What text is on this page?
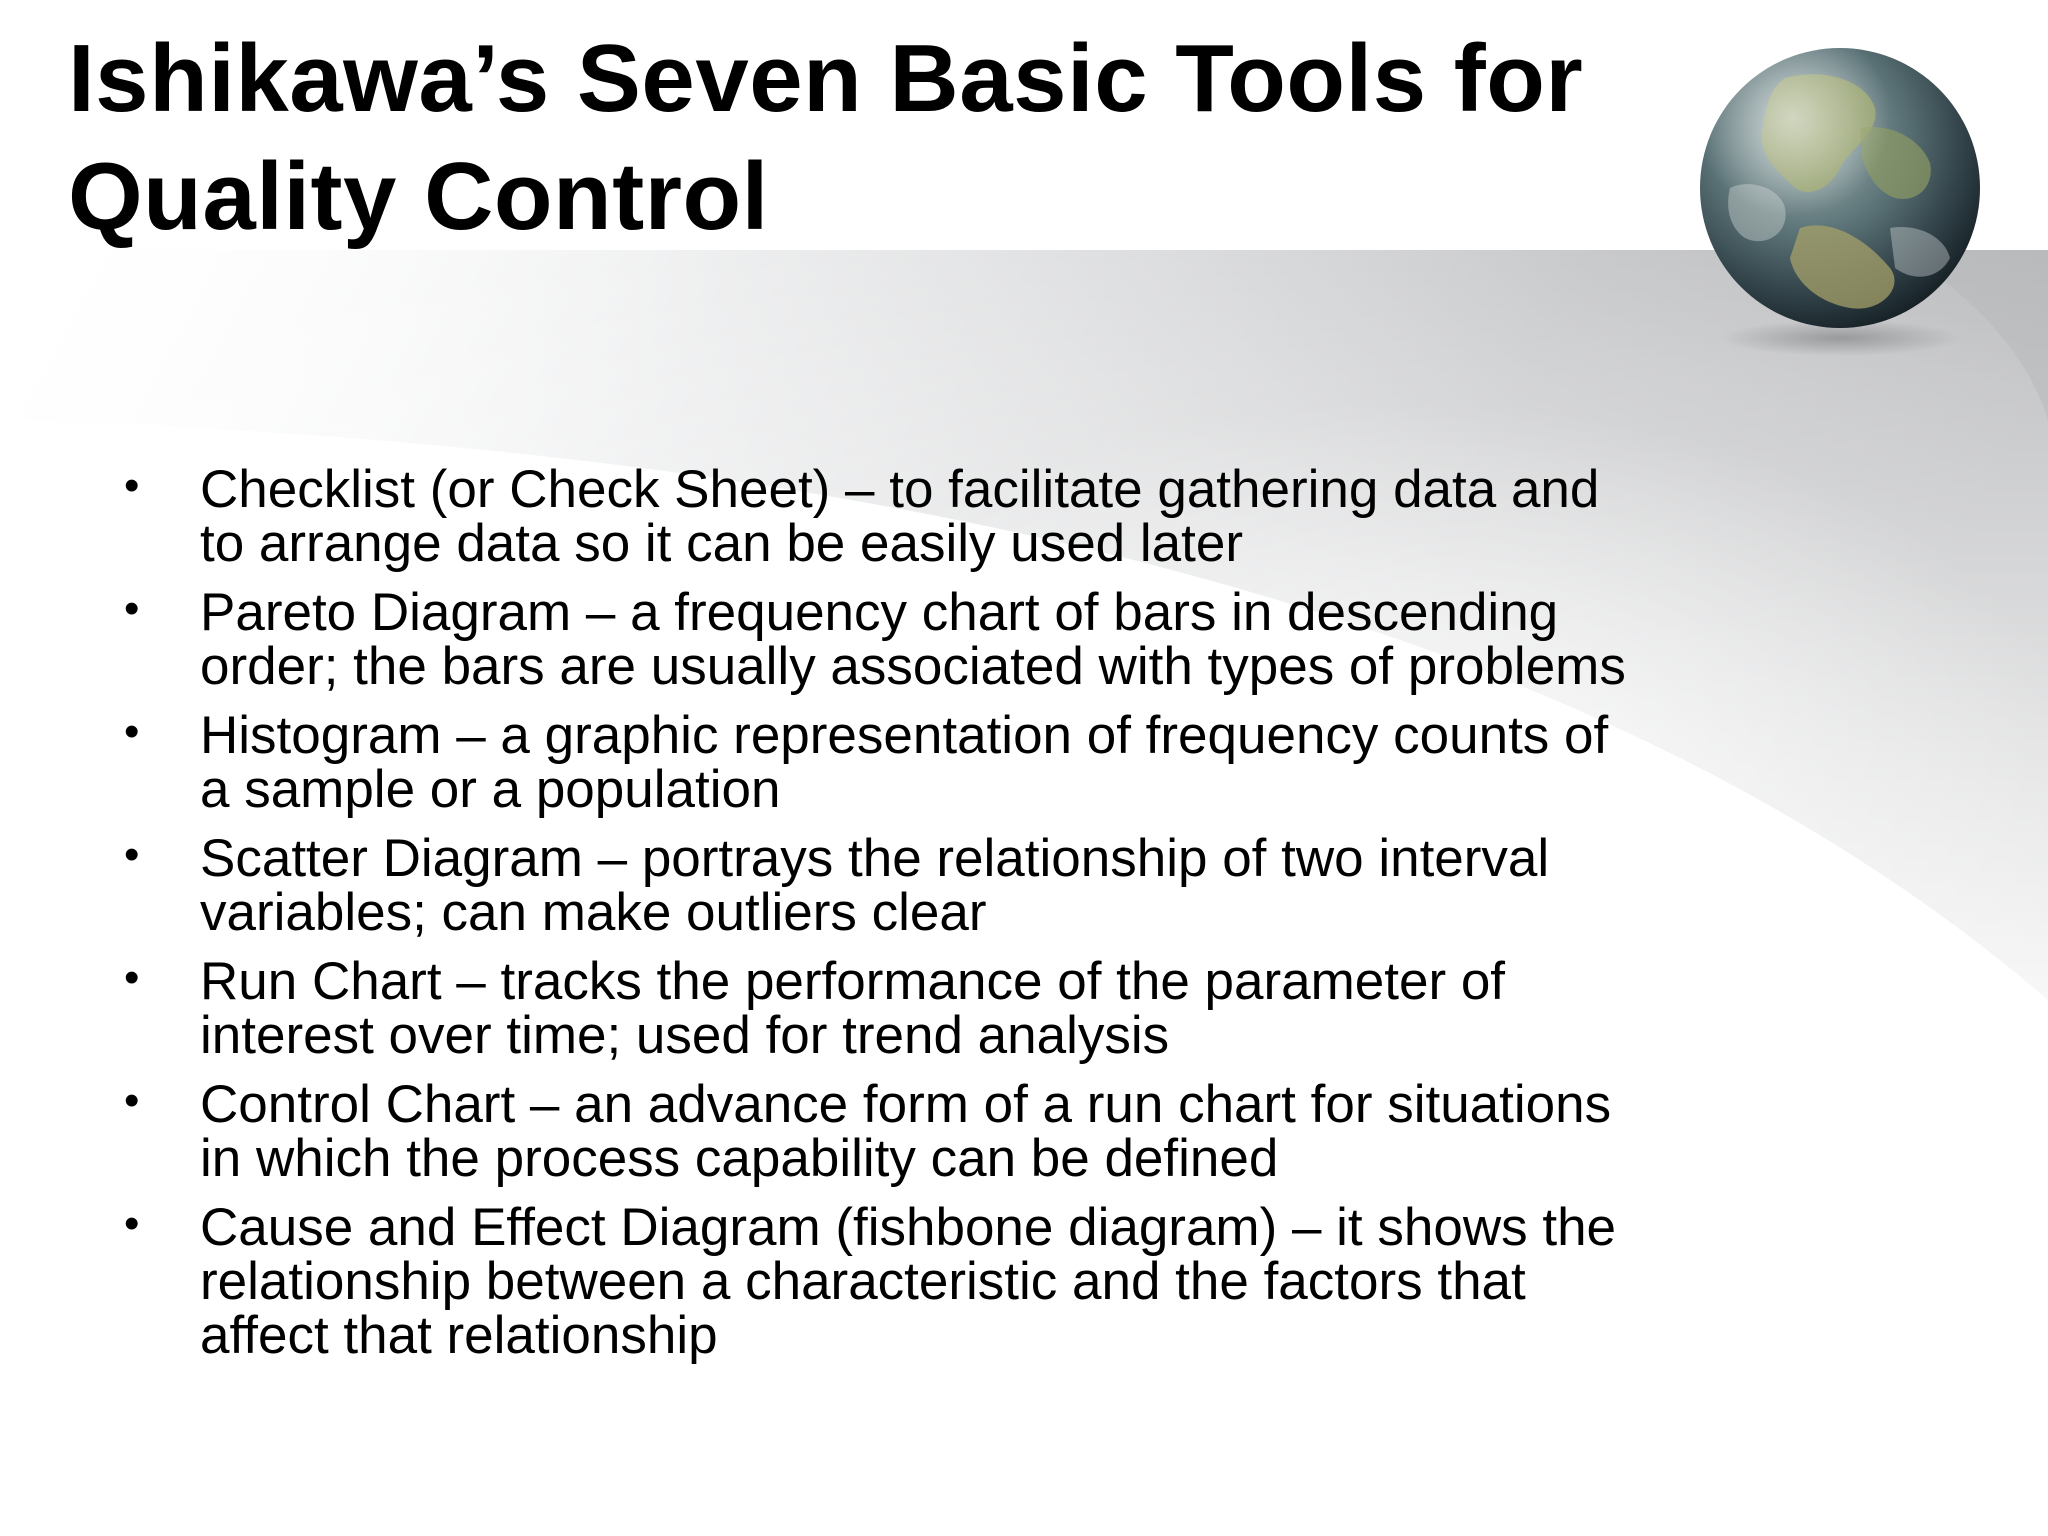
Ishikawa’s Seven Basic Tools for
Quality Control
• Checklist (or Check Sheet) – to facilitate gathering data and
to arrange data so it can be easily used later
• Pareto Diagram – a frequency chart of bars in descending
order; the bars are usually associated with types of problems
• Histogram – a graphic representation of frequency counts of
a sample or a population
• Scatter Diagram – portrays the relationship of two interval
variables; can make outliers clear
• Run Chart – tracks the performance of the parameter of
interest over time; used for trend analysis
• Control Chart – an advance form of a run chart for situations
in which the process capability can be defined
• Cause and Effect Diagram (fishbone diagram) – it shows the
relationship between a characteristic and the factors that
affect that relationship
